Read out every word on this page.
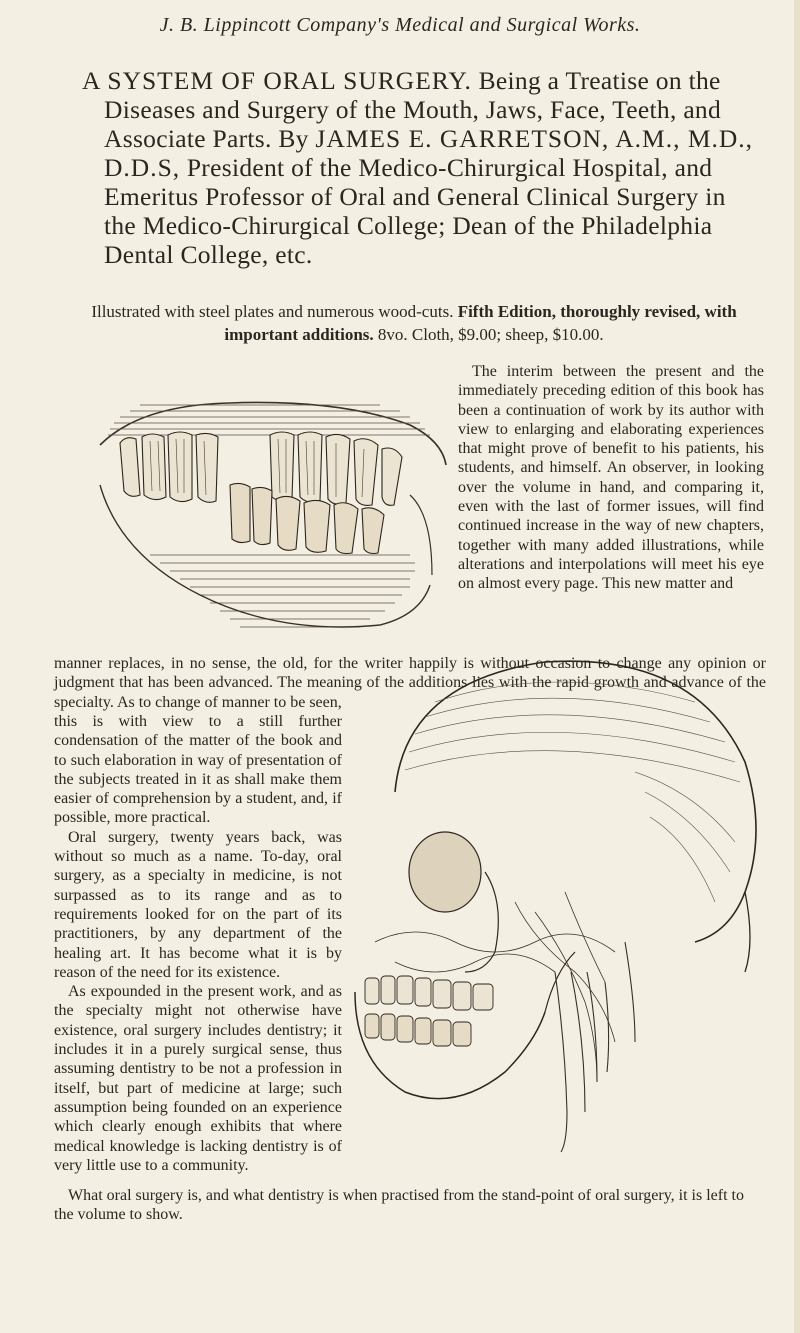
J. B. Lippincott Company's Medical and Surgical Works.
A SYSTEM OF ORAL SURGERY. Being a Treatise on the Diseases and Surgery of the Mouth, Jaws, Face, Teeth, and Associate Parts. By JAMES E. GARRETSON, A.M., M.D., D.D.S, President of the Medico-Chirurgical Hospital, and Emeritus Professor of Oral and General Clinical Surgery in the Medico-Chirurgical College; Dean of the Philadelphia Dental College, etc.
Illustrated with steel plates and numerous wood-cuts. Fifth Edition, thoroughly revised, with important additions. 8vo. Cloth, $9.00; sheep, $10.00.

The interim between the present and the immediately preceding edition of this book has been a continuation of work by its author with view to enlarging and elaborating experiences that might prove of benefit to his patients, his students, and himself. An observer, in looking over the volume in hand, and comparing it, even with the last of former issues, will find continued increase in the way of new chapters, together with many added illustrations, while alterations and interpolations will meet his eye on almost every page. This new matter and

manner replaces, in no sense, the old, for the writer happily is without occasion to change any opinion or judgment that has been advanced. The meaning of the additions lies with the rapid growth and advance of the specialty. As to change of manner to be seen,

this is with view to a still further condensation of the matter of the book and to such elaboration in way of presentation of the subjects treated in it as shall make them easier of comprehension by a student, and, if possible, more practical.

Oral surgery, twenty years back, was without so much as a name. To-day, oral surgery, as a specialty in medicine, is not surpassed as to its range and as to requirements looked for on the part of its practitioners, by any department of the healing art. It has become what it is by reason of the need for its existence.

As expounded in the present work, and as the specialty might not otherwise have existence, oral surgery includes dentistry; it includes it in a purely surgical sense, thus assuming dentistry to be not a profession in itself, but part of medicine at large; such assumption being founded on an experience which clearly enough exhibits that where medical knowledge is lacking dentistry is of very little use to a community.

What oral surgery is, and what dentistry is when practised from the stand-point of oral surgery, it is left to the volume to show.
